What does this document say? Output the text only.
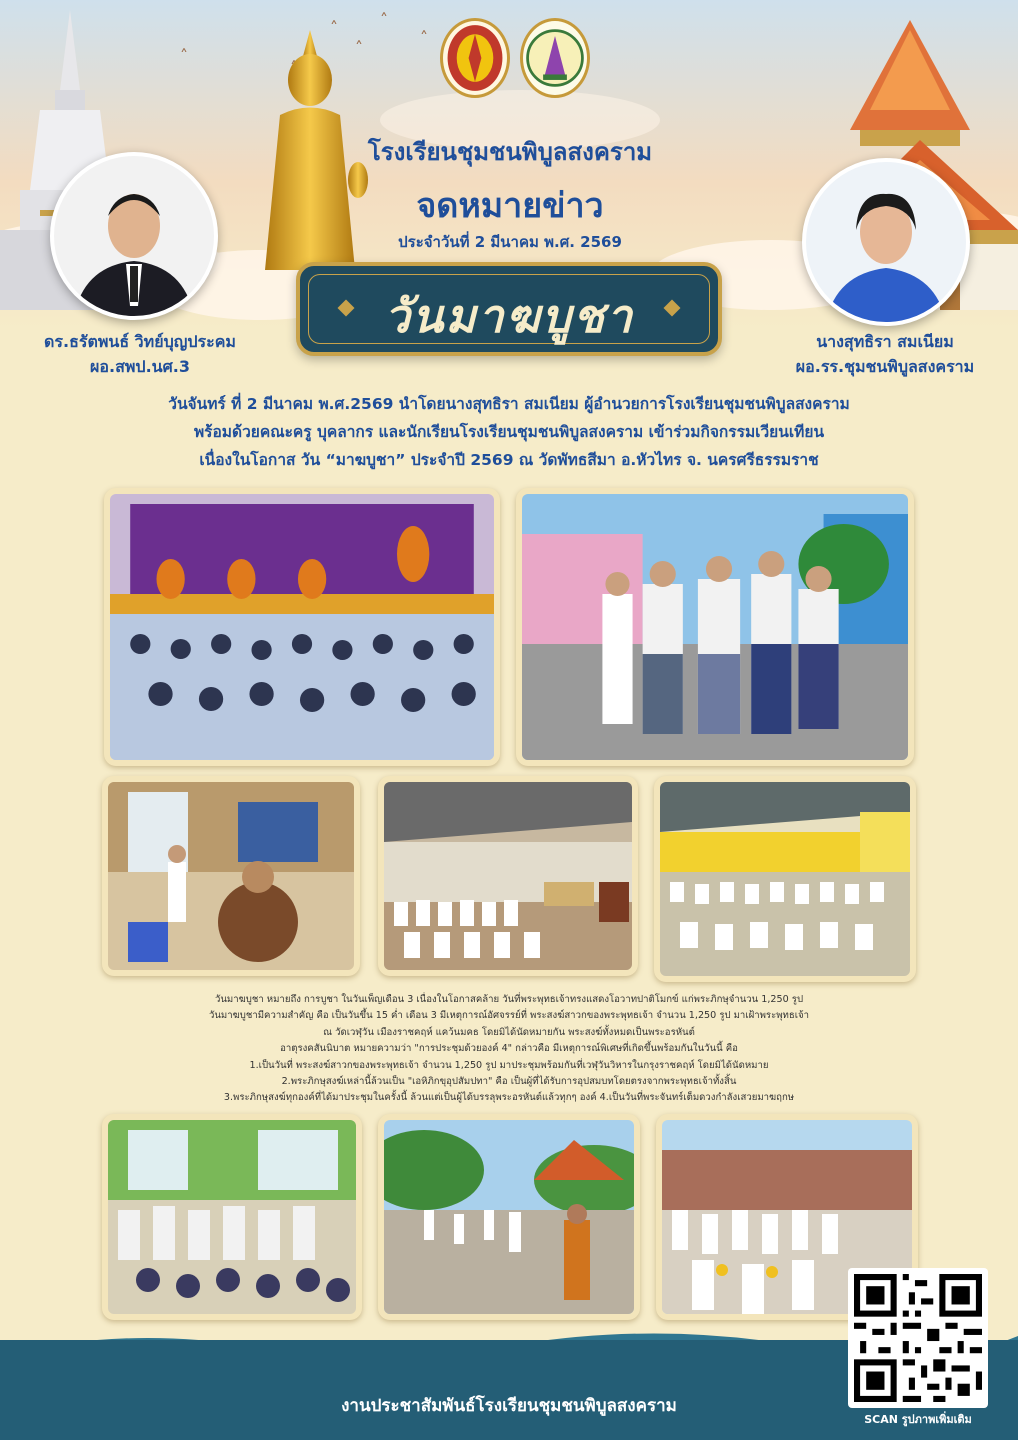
˄
˄
˄
˄
˄
โรงเรียนชุมชนพิบูลสงคราม
จดหมายข่าว
ประจำวันที่ 2 มีนาคม พ.ศ. 2569
วันมาฆบูชา
ดร.ธรัตพนธ์ วิทย์บุญประคม
ผอ.สพป.นศ.3
นางสุทธิรา สมเนียม
ผอ.รร.ชุมชนพิบูลสงคราม
วันจันทร์ ที่ 2 มีนาคม พ.ศ.2569 นำโดยนางสุทธิรา สมเนียม ผู้อำนวยการโรงเรียนชุมชนพิบูลสงคราม
พร้อมด้วยคณะครู บุคลากร และนักเรียนโรงเรียนชุมชนพิบูลสงคราม เข้าร่วมกิจกรรมเวียนเทียน
เนื่องในโอกาส วัน “มาฆบูชา” ประจำปี 2569 ณ วัดพัทธสีมา อ.หัวไทร จ. นครศรีธรรมราช
วันมาฆบูชา หมายถึง การบูชา ในวันเพ็ญเดือน 3 เนื่องในโอกาสคล้าย วันที่พระพุทธเจ้าทรงแสดงโอวาทปาติโมกข์ แก่พระภิกษุจำนวน 1,250 รูป
วันมาฆบูชามีความสำคัญ คือ เป็นวันขึ้น 15 ค่ำ เดือน 3 มีเหตุการณ์อัศจรรย์ที่ พระสงฆ์สาวกของพระพุทธเจ้า จำนวน 1,250 รูป มาเฝ้าพระพุทธเจ้า
ณ วัดเวฬุวัน เมืองราชคฤห์ แคว้นมคธ โดยมิได้นัดหมายกัน พระสงฆ์ทั้งหมดเป็นพระอรหันต์
อาตุรงคสันนิบาต หมายความว่า "การประชุมด้วยองค์ 4" กล่าวคือ มีเหตุการณ์พิเศษที่เกิดขึ้นพร้อมกันในวันนี้ คือ
1.เป็นวันที่ พระสงฆ์สาวกของพระพุทธเจ้า จำนวน 1,250 รูป มาประชุมพร้อมกันที่เวฬุวันวิหารในกรุงราชคฤห์ โดยมิได้นัดหมาย
2.พระภิกษุสงฆ์เหล่านี้ล้วนเป็น "เอหิภิกขุอุปสัมปทา" คือ เป็นผู้ที่ได้รับการอุปสมบทโดยตรงจากพระพุทธเจ้าทั้งสิ้น
3.พระภิกษุสงฆ์ทุกองค์ที่ได้มาประชุมในครั้งนี้ ล้วนแต่เป็นผู้ได้บรรลุพระอรหันต์แล้วทุกๆ องค์ 4.เป็นวันที่พระจันทร์เต็มดวงกำลังเสวยมาฆฤกษ
งานประชาสัมพันธ์โรงเรียนชุมชนพิบูลสงคราม
SCAN รูปภาพเพิ่มเติม
